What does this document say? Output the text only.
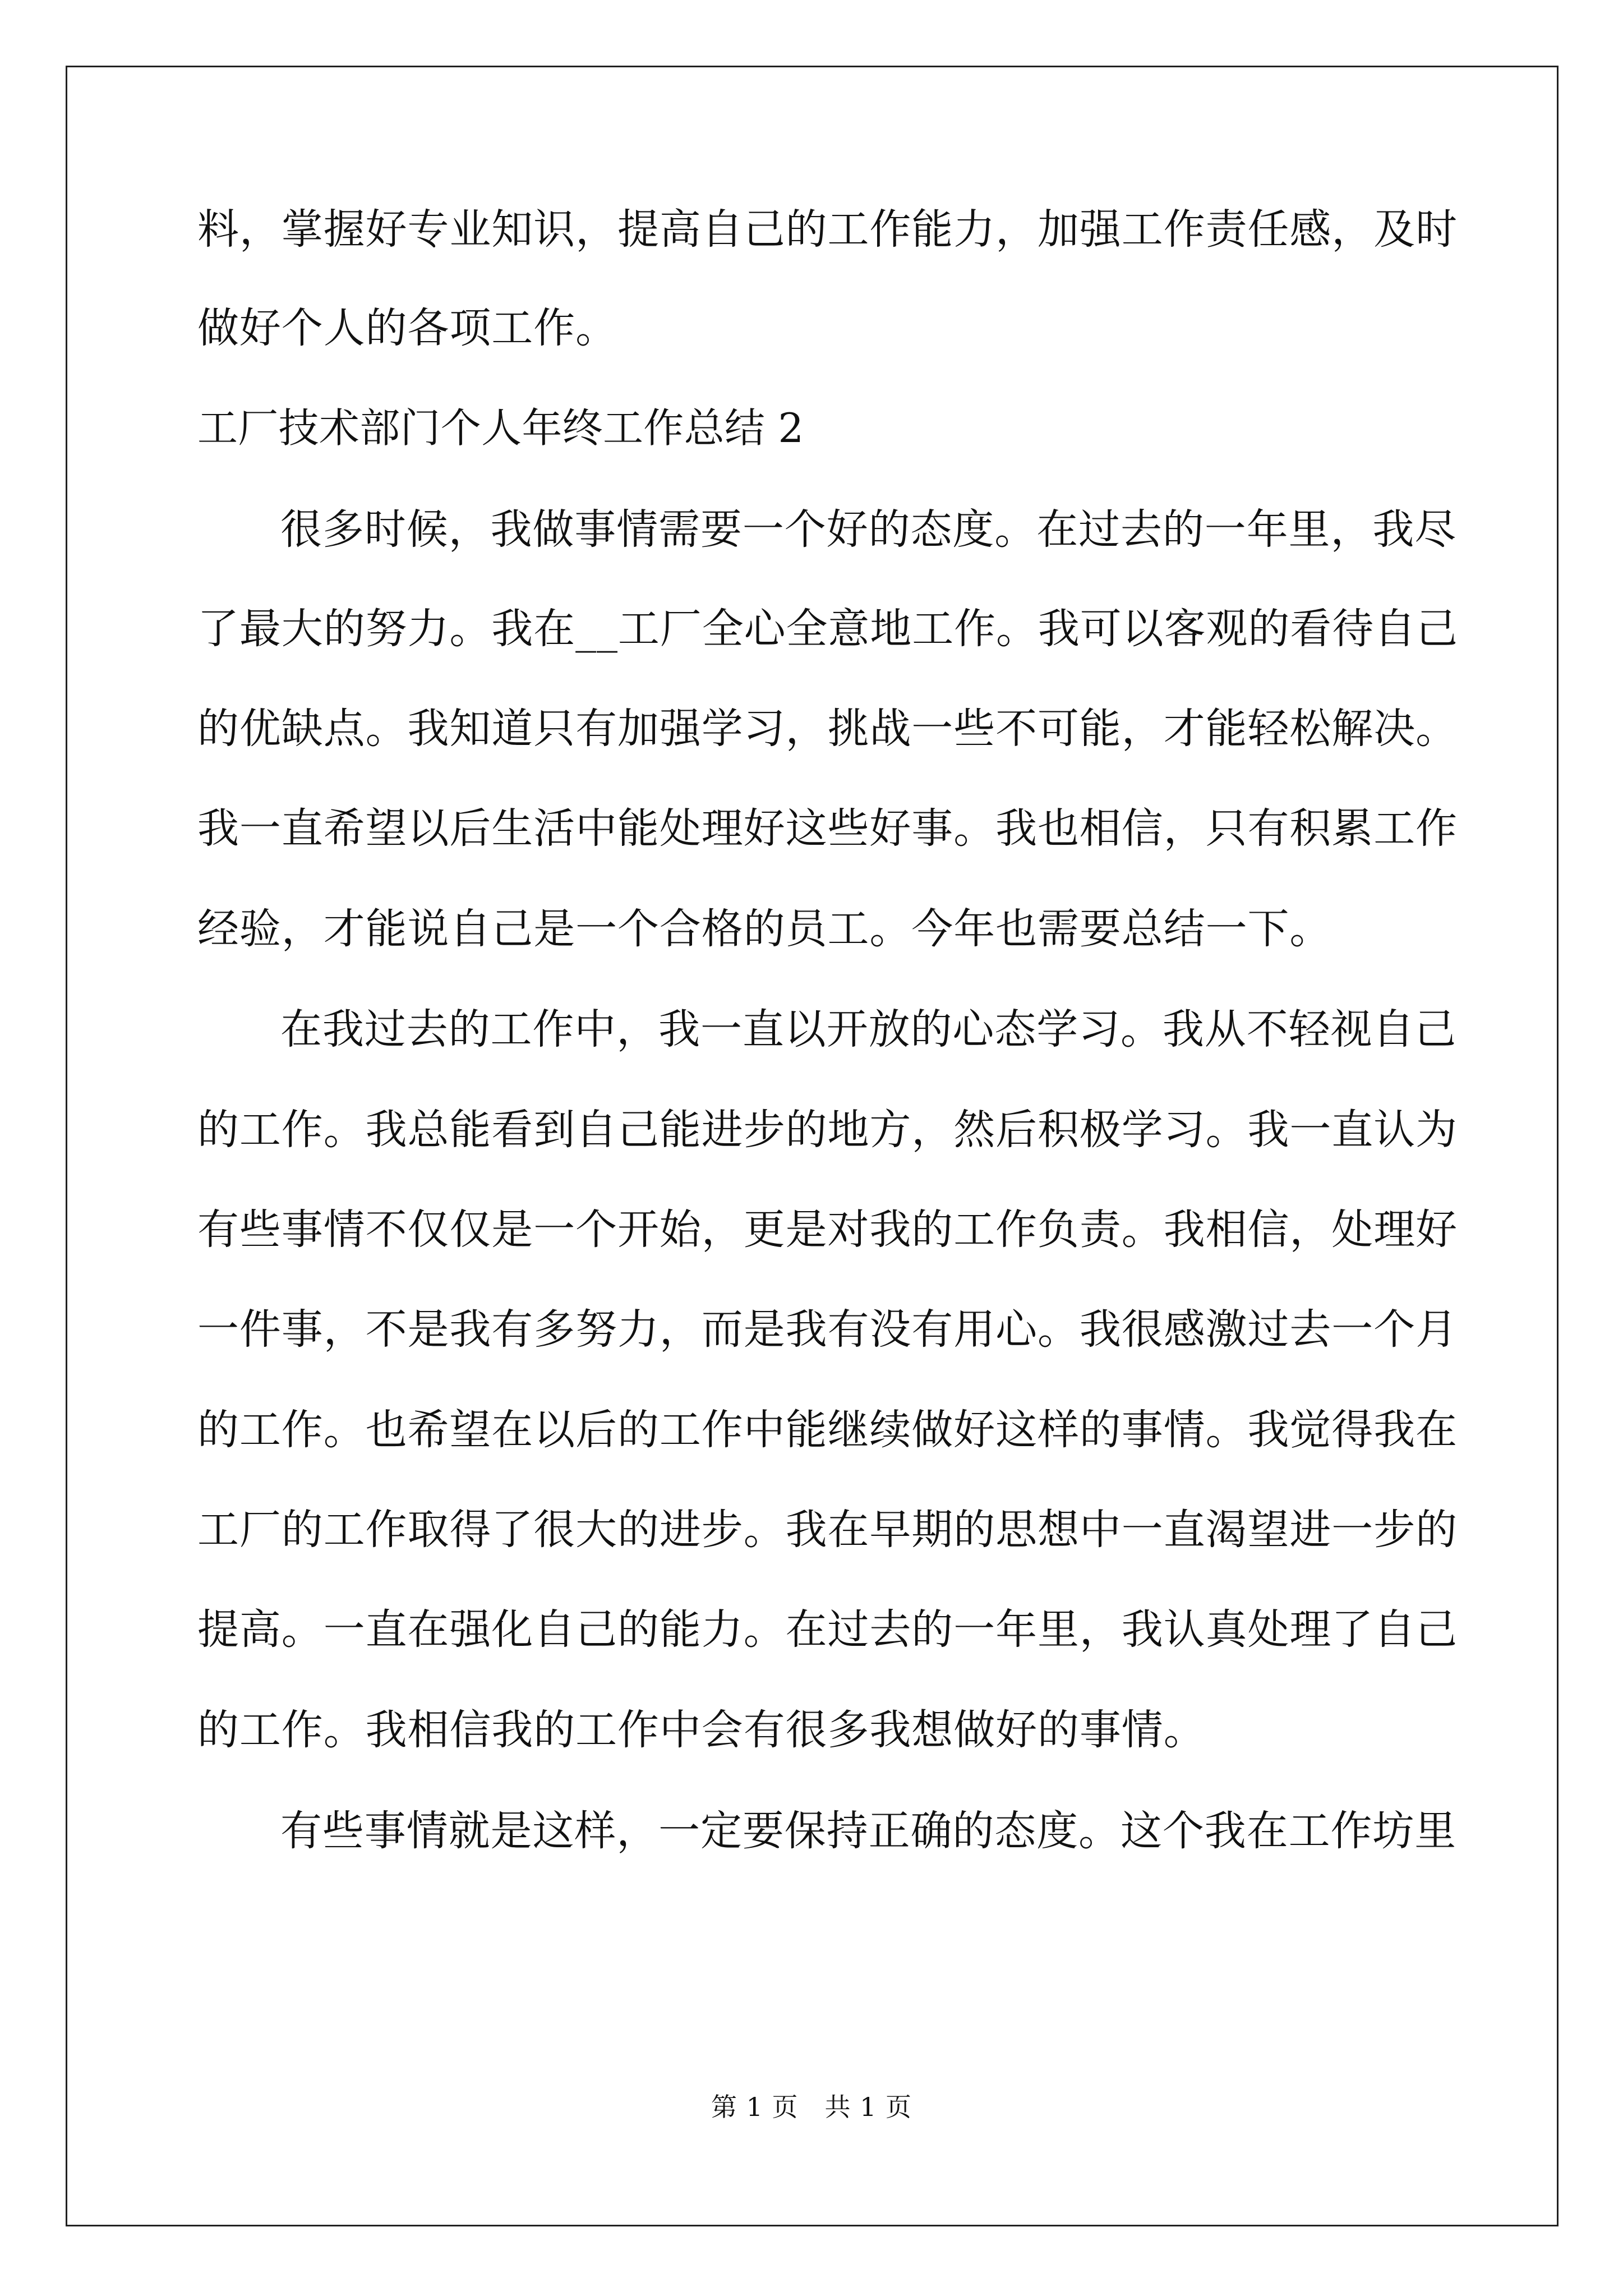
料，掌握好专业知识，提高自己的工作能力，加强工作责任感，及时
做好个人的各项工作。
工厂技术部门个人年终工作总结 2
很多时候，我做事情需要一个好的态度。在过去的一年里，我尽
了最大的努力。我在__工厂全心全意地工作。我可以客观的看待自己
的优缺点。我知道只有加强学习，挑战一些不可能，才能轻松解决。
我一直希望以后生活中能处理好这些好事。我也相信，只有积累工作
经验，才能说自己是一个合格的员工。今年也需要总结一下。
在我过去的工作中，我一直以开放的心态学习。我从不轻视自己
的工作。我总能看到自己能进步的地方，然后积极学习。我一直认为
有些事情不仅仅是一个开始，更是对我的工作负责。我相信，处理好
一件事，不是我有多努力，而是我有没有用心。我很感激过去一个月
的工作。也希望在以后的工作中能继续做好这样的事情。我觉得我在
工厂的工作取得了很大的进步。我在早期的思想中一直渴望进一步的
提高。一直在强化自己的能力。在过去的一年里，我认真处理了自己
的工作。我相信我的工作中会有很多我想做好的事情。
有些事情就是这样，一定要保持正确的态度。这个我在工作坊里
第 1 页　共 1 页
